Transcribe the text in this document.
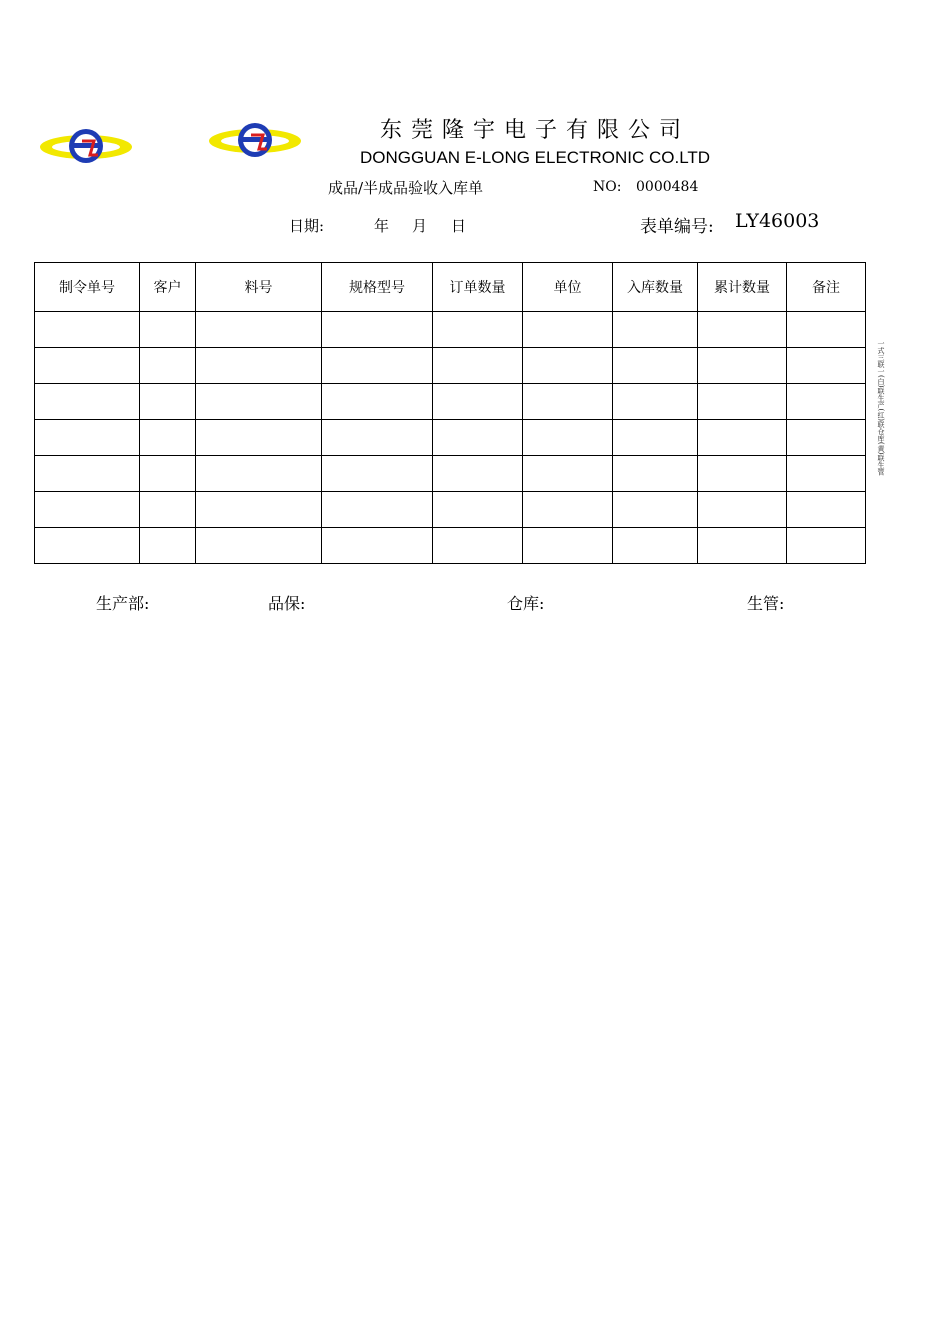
东莞隆宇电子有限公司
DONGGUAN E-LONG ELECTRONIC CO.LTD
成品/半成品验收入库单	NO: 0000484
日期:	年 月 日	表单编号: LY46003
制令单号	客户	料号	规格型号	订单数量	单位	入库数量	累计数量	备注

一式三联一(白)联生产(红)联仓库(黄)联生管
生产部:	品保:	仓库:	生管:
